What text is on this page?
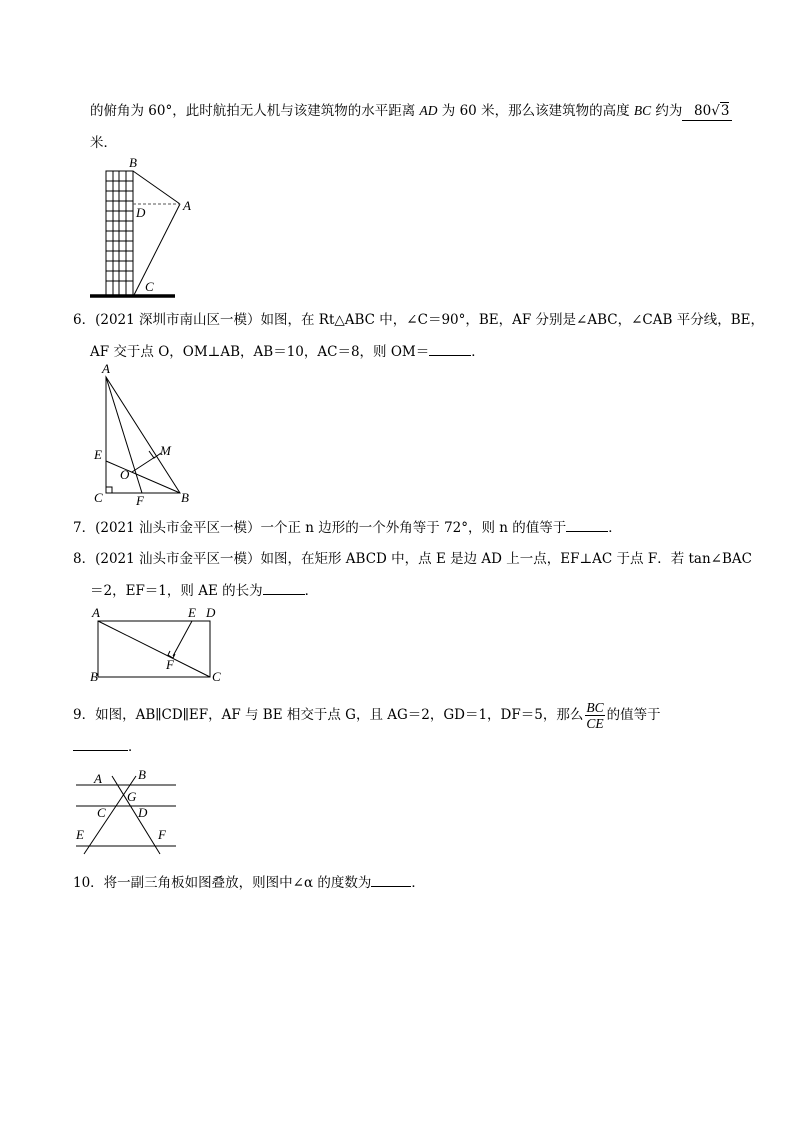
的俯角为 60°，此时航拍无人机与该建筑物的水平距离 AD 为 60 米，那么该建筑物的高度 BC 约为 80√3
米．
B
D	A
C
6．(2021 深圳市南山区一模）如图，在 Rt△ABC 中，∠C＝90°，BE，AF 分别是∠ABC，∠CAB 平分线，BE，
AF 交于点 O，OM⊥AB，AB＝10，AC＝8，则 OM＝	．
A
E	M
O
C	F	B
7．(2021 汕头市金平区一模）一个正 n 边形的一个外角等于 72°，则 n 的值等于	．
8．(2021 汕头市金平区一模）如图，在矩形 ABCD 中，点 E 是边 AD 上一点，EF⊥AC 于点 F．若 tan∠BAC
＝2，EF＝1，则 AE 的长为	．
A	E D
F
B	C
9．如图，AB∥CD∥EF，AF 与 BE 相交于点 G，且 AG＝2，GD＝1，DF＝5，那么 $\frac{BC}{CE}$ 的值等于
．
A	B
G
C D
E	F
10．将一副三角板如图叠放，则图中∠α 的度数为	．
